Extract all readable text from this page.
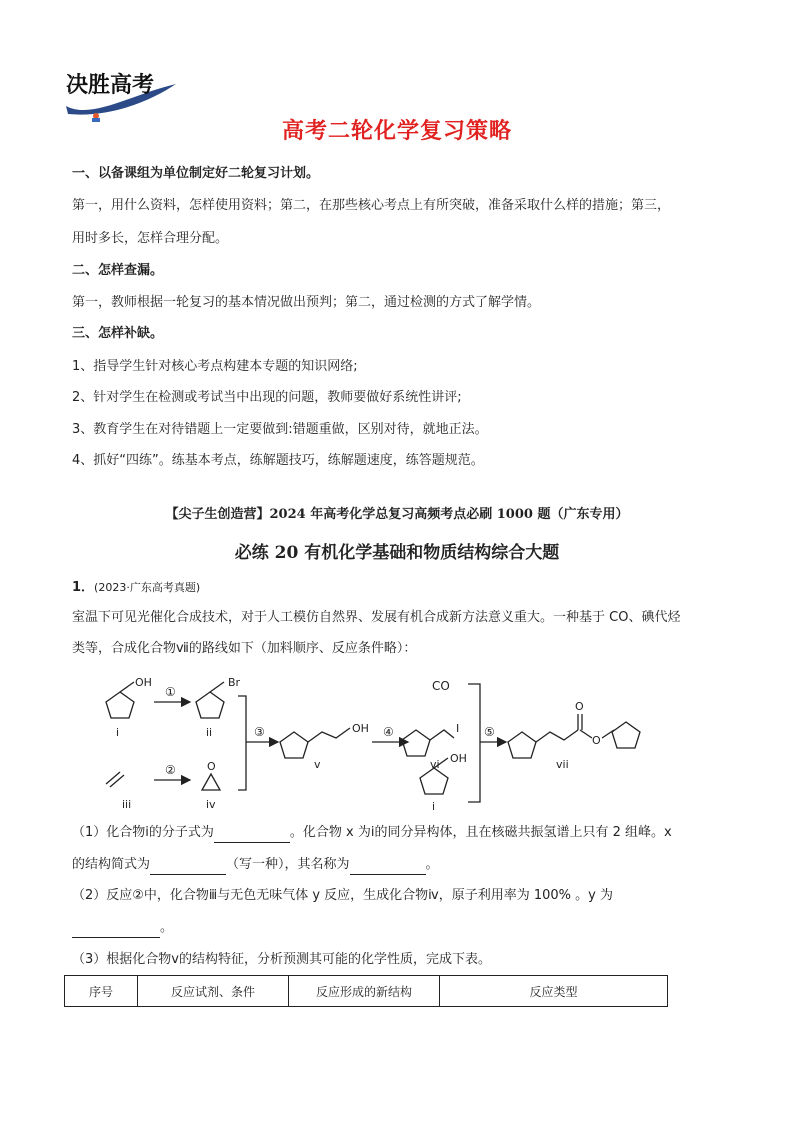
决胜高考
高考二轮化学复习策略
一、以备课组为单位制定好二轮复习计划。
第一，用什么资料，怎样使用资料；第二，在那些核心考点上有所突破，准备采取什么样的措施；第三，
用时多长，怎样合理分配。
二、怎样查漏。
第一，教师根据一轮复习的基本情况做出预判；第二，通过检测的方式了解学情。
三、怎样补缺。
1、指导学生针对核心考点构建本专题的知识网络;
2、针对学生在检测或考试当中出现的问题，教师要做好系统性讲评;
3、教育学生在对待错题上一定要做到:错题重做，区别对待，就地正法。
4、抓好“四练”。练基本考点，练解题技巧，练解题速度，练答题规范。
【尖子生创造营】2024 年高考化学总复习高频考点必刷 1000 题（广东专用）
必练 20 有机化学基础和物质结构综合大题
1．(2023·广东高考真题)
室温下可见光催化合成技术，对于人工模仿自然界、发展有机合成新方法意义重大。一种基于 CO、碘代烃
类等，合成化合物ⅶ的路线如下（加料顺序、反应条件略）：
OH
i
①
Br
ii
iii
②	O
iv
③	OH
v
④	I
vi
CO
OH
i
⑤
O
O
vii
（1）化合物ⅰ的分子式为	。化合物 x 为ⅰ的同分异构体，且在核磁共振氢谱上只有 2 组峰。x
的结构简式为	（写一种），其名称为	。
（2）反应②中，化合物ⅲ与无色无味气体 y 反应，生成化合物ⅳ，原子利用率为 100% 。y 为
。
（3）根据化合物ⅴ的结构特征，分析预测其可能的化学性质，完成下表。
序号	反应试剂、条件	反应形成的新结构	反应类型
